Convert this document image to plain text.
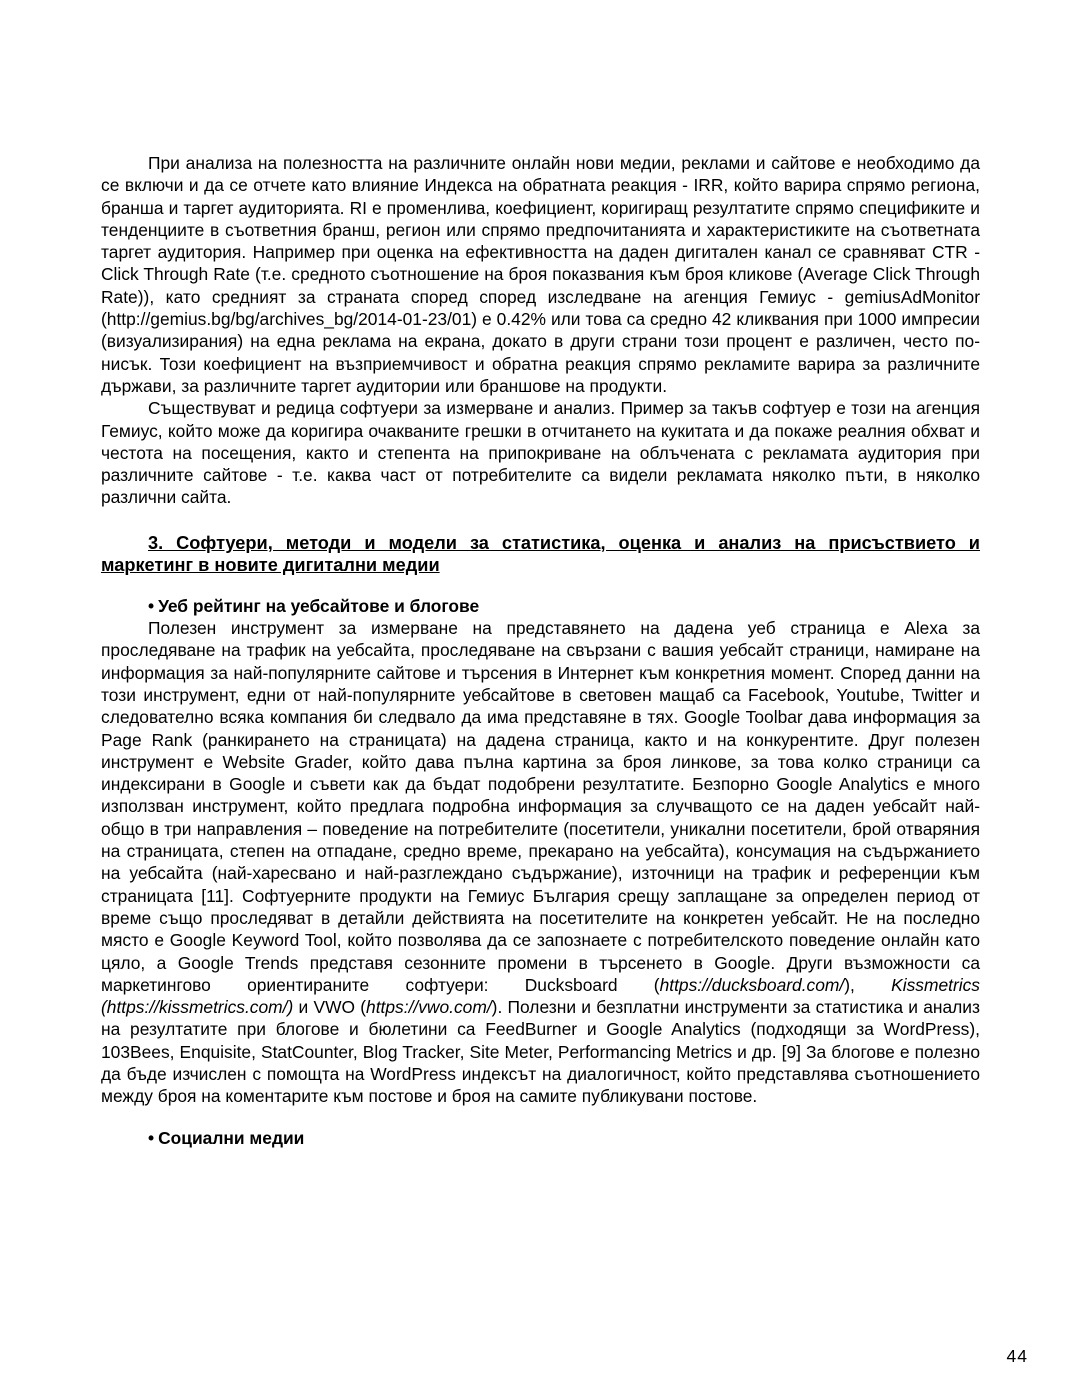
При анализа на полезността на различните онлайн нови медии, реклами и сайтове е необходимо да се включи и да се отчете като влияние Индекса на обратната реакция - IRR, който варира спрямо региона, бранша и таргет аудиторията. RI е променлива, коефициент, коригиращ резултатите спрямо спецификите и тенденциите в съответния бранш, регион или спрямо предпочитанията и характеристиките на съответната таргет аудитория. Например при оценка на ефективността на даден дигитален канал се сравняват CTR - Click Through Rate (т.е. средното съотношение на броя показвания към броя кликове (Average Click Through Rate)), като средният за страната според според изследване на агенция Гемиус - gemiusAdMonitor (http://gemius.bg/bg/archives_bg/2014-01-23/01) е 0.42% или това са средно 42 кликвания при 1000 импресии (визуализирания) на една реклама на екрана, докато в други страни този процент е различен, често по-нисък. Този коефициент на възприемчивост и обратна реакция спрямо рекламите варира за различните държави, за различните таргет аудитории или браншове на продукти.

Съществуват и редица софтуери за измерване и анализ. Пример за такъв софтуер е този на агенция Гемиус, който може да коригира очакваните грешки в отчитането на кукитата и да покаже реалния обхват и честота на посещения, както и степента на припокриване на облъчената с рекламата аудитория при различните сайтове - т.е. каква част от потребителите са видели рекламата няколко пъти, в няколко различни сайта.

3. Софтуери, методи и модели за статистика, оценка и анализ на присъствието и маркетинг в новите дигитални медии

• Уеб рейтинг на уебсайтове и блогове

Полезен инструмент за измерване на представянето на дадена уеб страница е Alexa за проследяване на трафик на уебсайта, проследяване на свързани с вашия уебсайт страници, намиране на информация за най-популярните сайтове и търсения в Интернет към конкретния момент. Според данни на този инструмент, едни от най-популярните уебсайтове в световен мащаб са Facebook, Youtube, Twitter и следователно всяка компания би следвало да има представяне в тях. Google Toolbar дава информация за Page Rank (ранкирането на страницата) на дадена страница, както и на конкурентите. Друг полезен инструмент е Website Grader, който дава пълна картина за броя линкове, за това колко страници са индексирани в Google и съвети как да бъдат подобрени резултатите. Безпорно Google Analytics е много използван инструмент, който предлага подробна информация за случващото се на даден уебсайт най-общо в три направления – поведение на потребителите (посетители, уникални посетители, брой отваряния на страницата, степен на отпадане, средно време, прекарано на уебсайта), консумация на съдържанието на уебсайта (най-харесвано и най-разглеждано съдържание), източници на трафик и референции към страницата [11]. Софтуерните продукти на Гемиус България срещу заплащане за определен период от време също проследяват в детайли действията на посетителите на конкретен уебсайт. Не на последно място е Google Keyword Tool, който позволява да се запознаете с потребителското поведение онлайн като цяло, а Google Trends представя сезонните промени в търсенето в Google. Други възможности са маркетингово ориентираните софтуери: Ducksboard (https://ducksboard.com/), Kissmetrics (https://kissmetrics.com/) и VWO (https://vwo.com/). Полезни и безплатни инструменти за статистика и анализ на резултатите при блогове и бюлетини са FeedBurner и Google Analytics (подходящи за WordPress), 103Bees, Enquisite, StatCounter, Blog Tracker, Site Meter, Performancing Metrics и др. [9] За блогове е полезно да бъде изчислен с помощта на WordPress индексът на диалогичност, който представлява съотношението между броя на коментарите към постове и броя на самите публикувани постове.

• Социални медии

44
